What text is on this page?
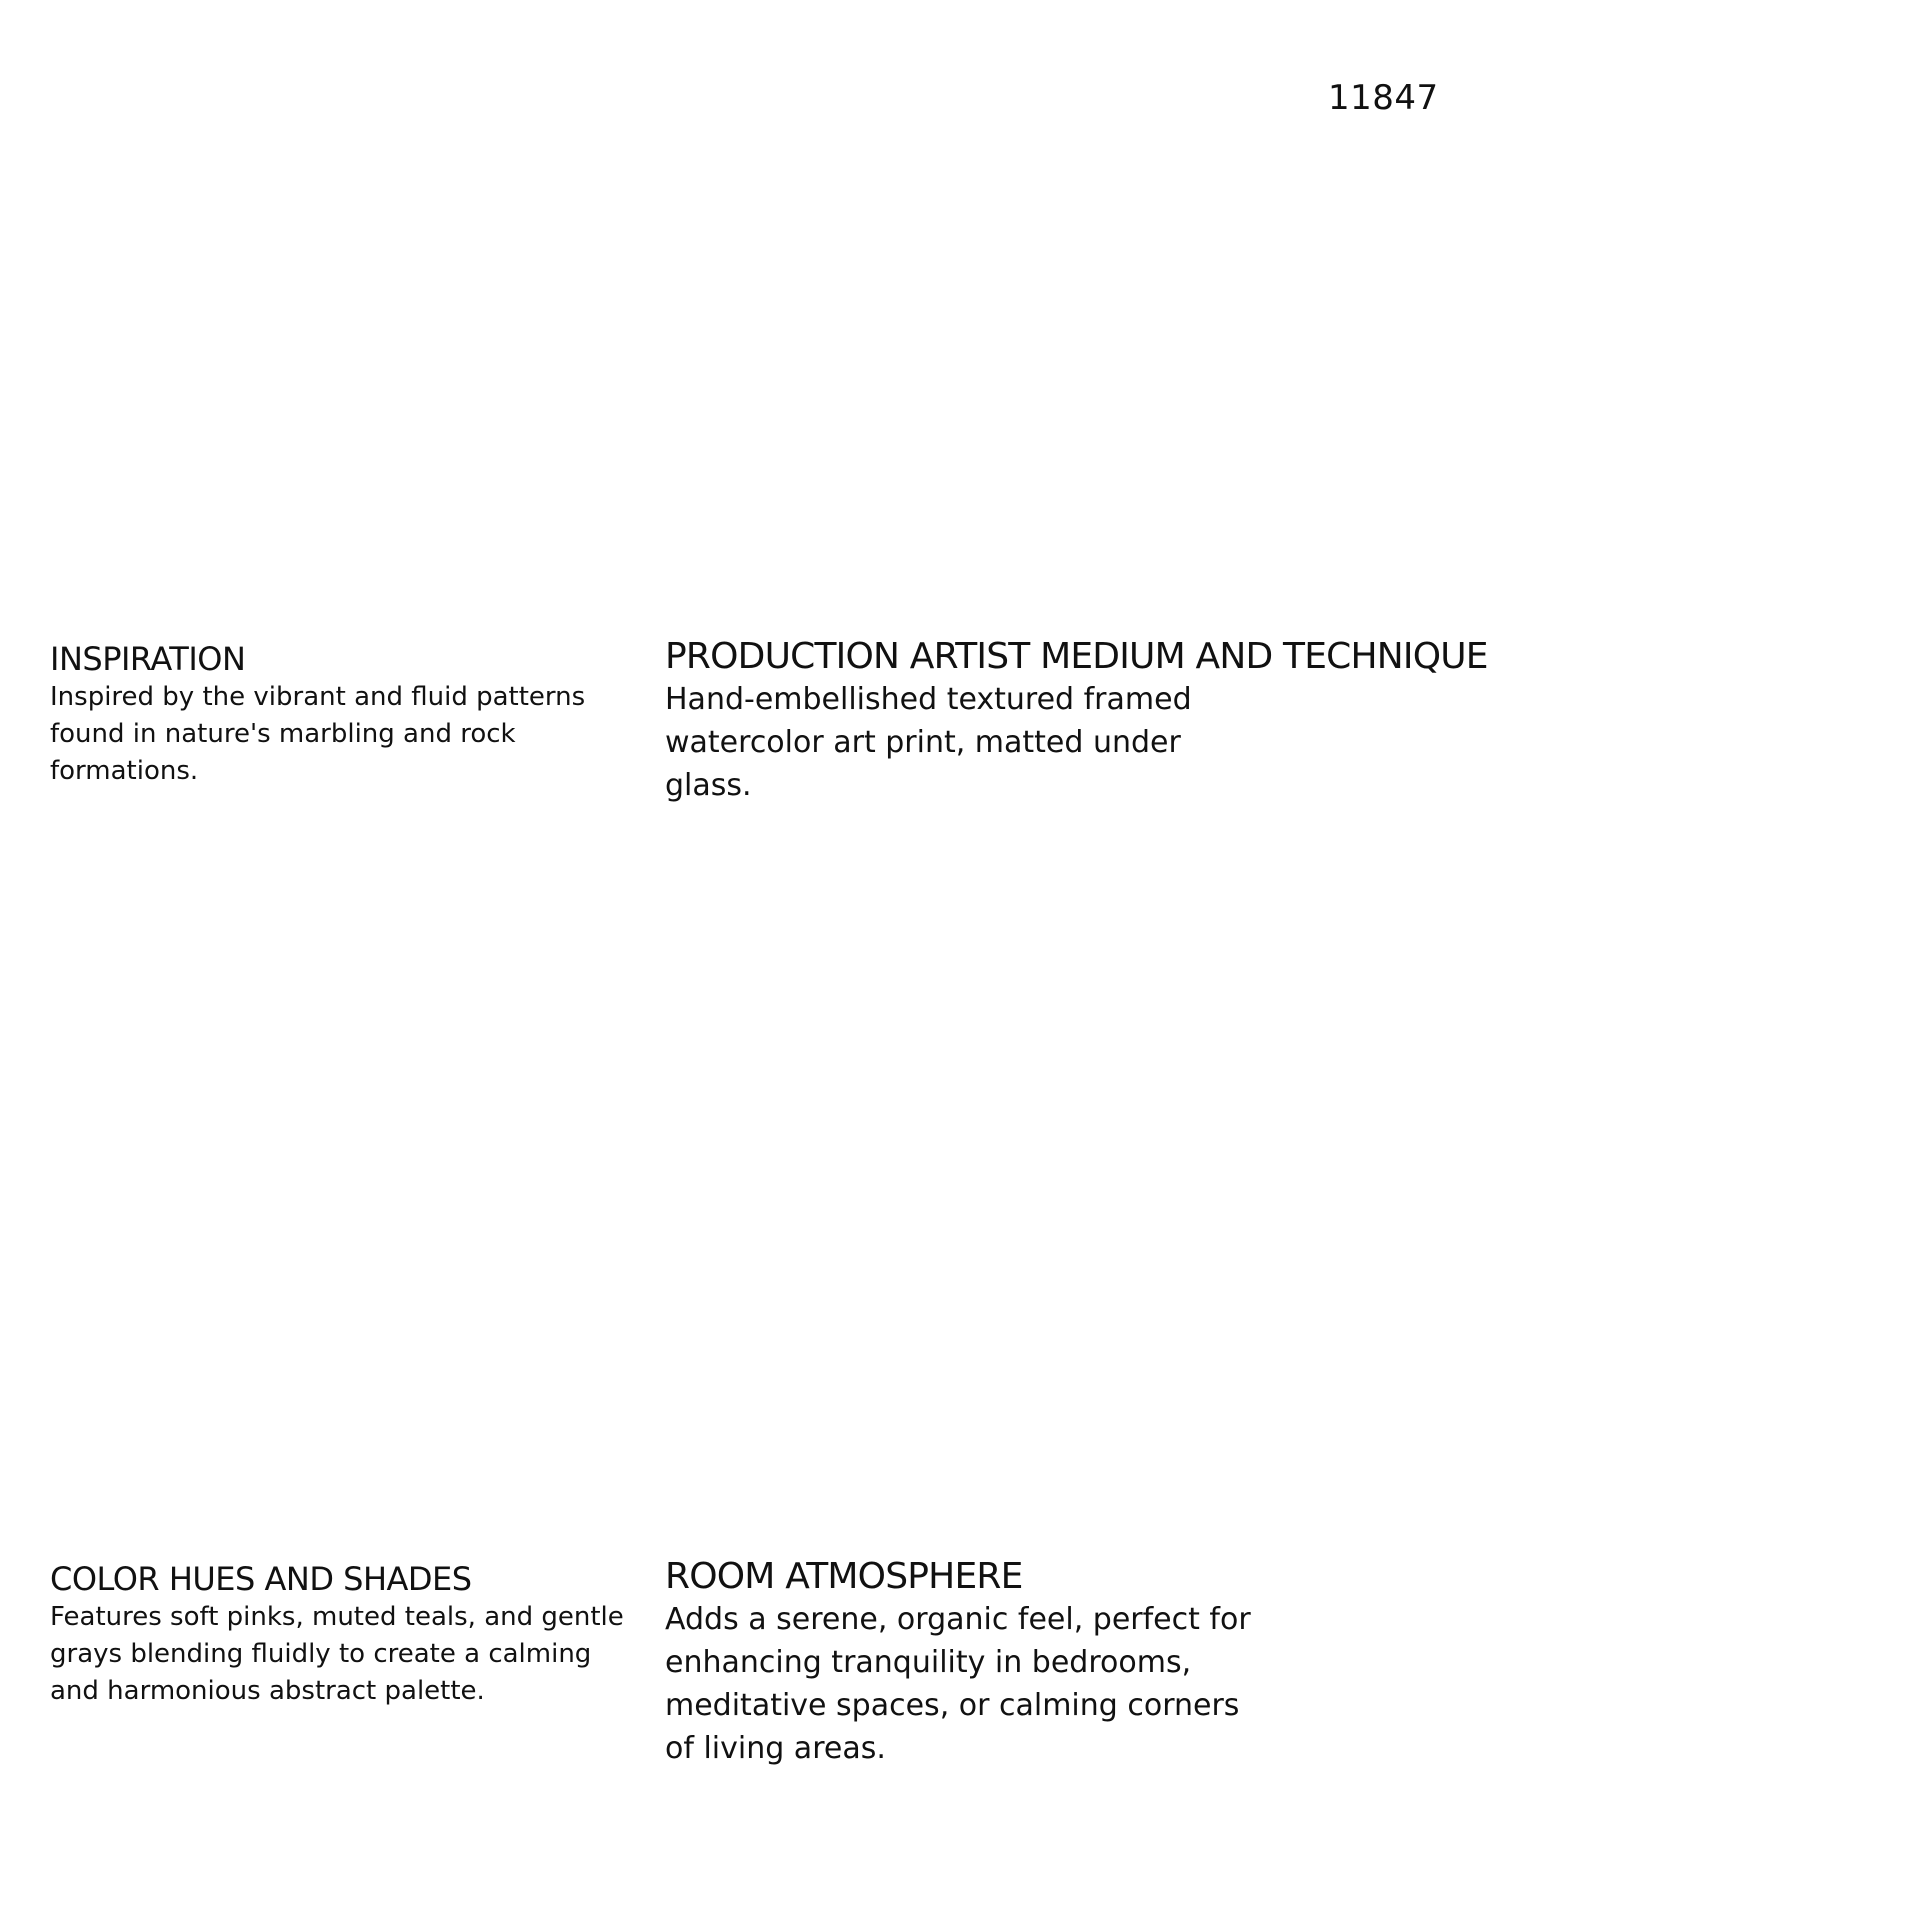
11847
INSPIRATION

Inspired by the vibrant and fluid patterns found in nature's marbling and rock formations.

PRODUCTION ARTIST MEDIUM AND TECHNIQUE

Hand-embellished textured framed watercolor art print, matted under glass.

COLOR HUES AND SHADES

Features soft pinks, muted teals, and gentle grays blending fluidly to create a calming and harmonious abstract palette.

ROOM ATMOSPHERE

Adds a serene, organic feel, perfect for enhancing tranquility in bedrooms, meditative spaces, or calming corners of living areas.
